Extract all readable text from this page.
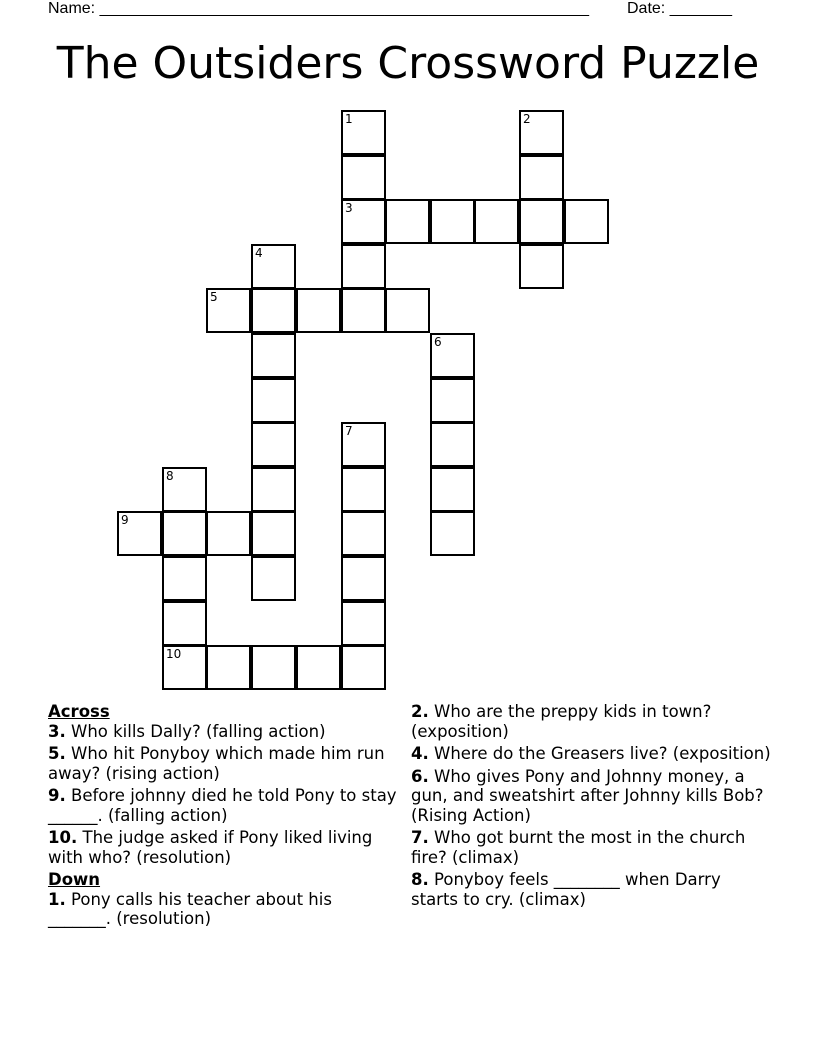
Name: _______________________________________________________ Date: _______
The Outsiders Crossword Puzzle
1
3
2
4
5
6
7
8
10
9

Across

3. Who kills Dally? (falling action)

5. Who hit Ponyboy which made him run away? (rising action)

9. Before johnny died he told Pony to stay ______. (falling action)

10. The judge asked if Pony liked living with who? (resolution)

Down

1. Pony calls his teacher about his _______. (resolution)

2. Who are the preppy kids in town? (exposition)

4. Where do the Greasers live? (exposition)

6. Who gives Pony and Johnny money, a gun, and sweatshirt after Johnny kills Bob? (Rising Action)

7. Who got burnt the most in the church fire? (climax)

8. Ponyboy feels ________ when Darry starts to cry. (climax)
